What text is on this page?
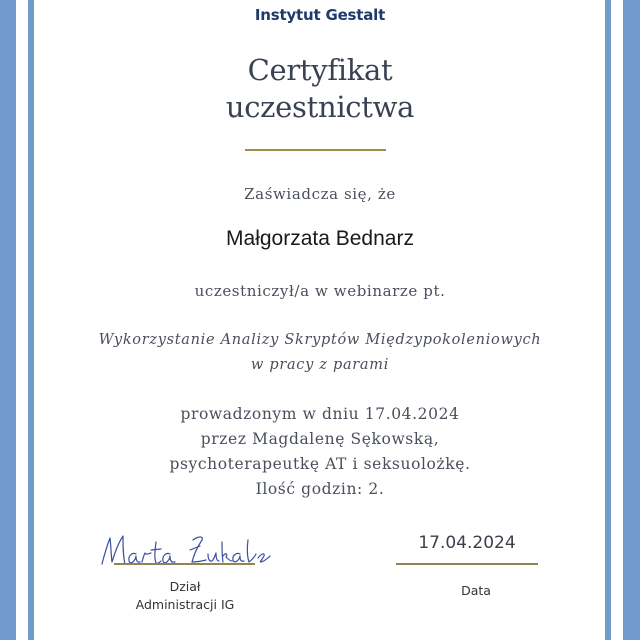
Instytut Gestalt
Certyfikat
uczestnictwa
Zaświadcza się, że
Małgorzata Bednarz
uczestniczył/a w webinarze pt.
Wykorzystanie Analizy Skryptów Międzypokoleniowych
w pracy z parami
prowadzonym w dniu 17.04.2024
przez Magdalenę Sękowską,
psychoterapeutkę AT i seksuolożkę.
Ilość godzin: 2.
Dział
Administracji IG
17.04.2024
Data
